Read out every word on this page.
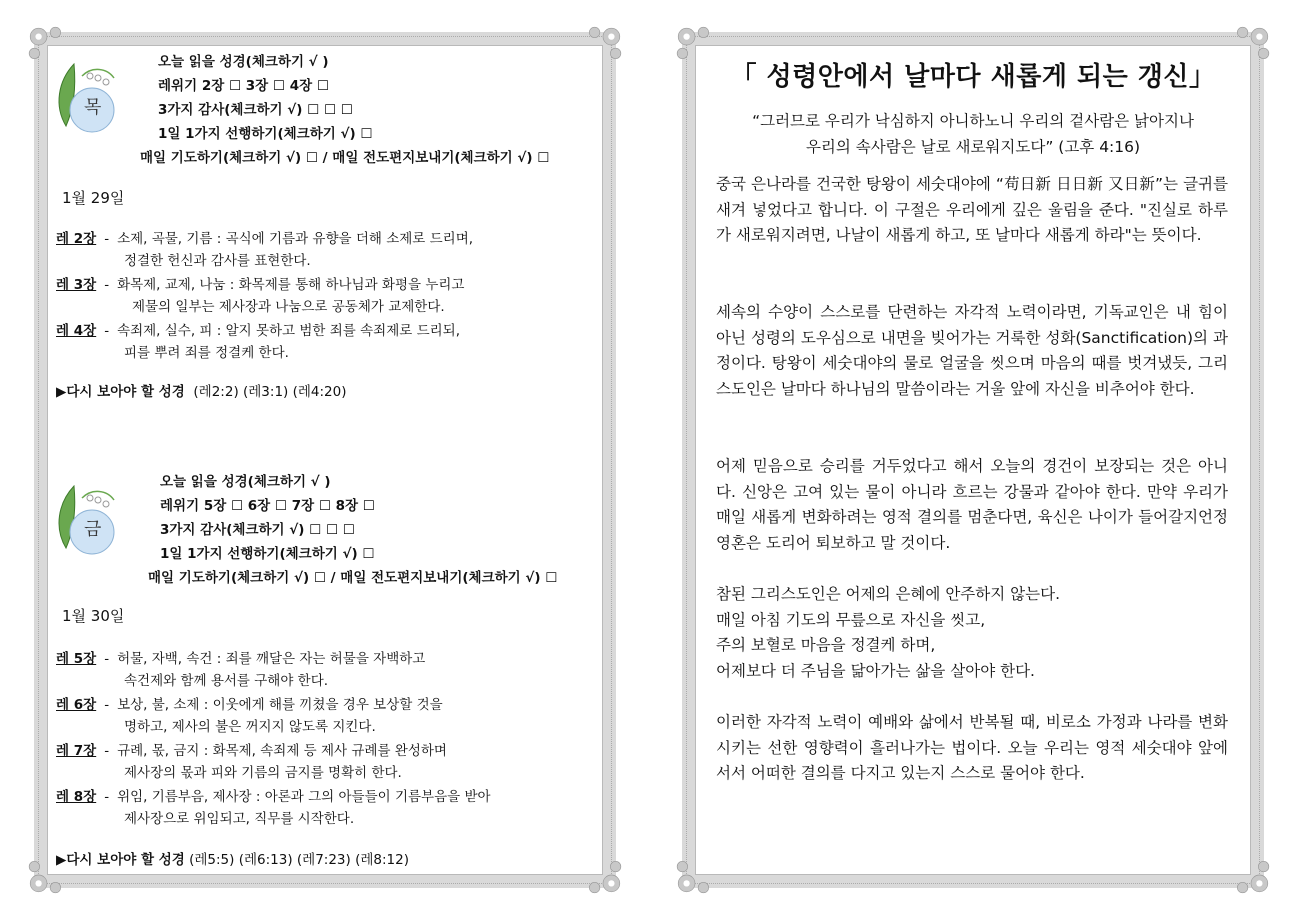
목
오늘 읽을 성경(체크하기 √ )
레위기 2장 ☐ 3장 ☐ 4장 ☐
3가지 감사(체크하기 √) ☐ ☐ ☐
1일 1가지 선행하기(체크하기 √) ☐
매일 기도하기(체크하기 √) ☐ / 매일 전도편지보내기(체크하기 √) ☐
1월 29일
레 2장 - 소제, 곡물, 기름 : 곡식에 기름과 유향을 더해 소제로 드리며,
정결한 헌신과 감사를 표현한다.
레 3장 - 화목제, 교제, 나눔 : 화목제를 통해 하나님과 화평을 누리고
제물의 일부는 제사장과 나눔으로 공동체가 교제한다.
레 4장 - 속죄제, 실수, 피 : 알지 못하고 범한 죄를 속죄제로 드리되,
피를 뿌려 죄를 정결케 한다.
▶다시 보아야 할 성경 (레2:2) (레3:1) (레4:20)
금
오늘 읽을 성경(체크하기 √ )
레위기 5장 ☐ 6장 ☐ 7장 ☐ 8장 ☐
3가지 감사(체크하기 √) ☐ ☐ ☐
1일 1가지 선행하기(체크하기 √) ☐
매일 기도하기(체크하기 √) ☐ / 매일 전도편지보내기(체크하기 √) ☐
1월 30일
레 5장 - 허물, 자백, 속건 : 죄를 깨달은 자는 허물을 자백하고
속건제와 함께 용서를 구해야 한다.
레 6장 - 보상, 불, 소제 : 이웃에게 해를 끼쳤을 경우 보상할 것을
명하고, 제사의 불은 꺼지지 않도록 지킨다.
레 7장 - 규례, 몫, 금지 : 화목제, 속죄제 등 제사 규례를 완성하며
제사장의 몫과 피와 기름의 금지를 명확히 한다.
레 8장 - 위임, 기름부음, 제사장 : 아론과 그의 아들들이 기름부음을 받아
제사장으로 위임되고, 직무를 시작한다.
▶다시 보아야 할 성경 (레5:5) (레6:13) (레7:23) (레8:12)
「 성령안에서 날마다 새롭게 되는 갱신」
“그러므로 우리가 낙심하지 아니하노니 우리의 겉사람은 낡아지나
우리의 속사람은 날로 새로워지도다” (고후 4:16)

중국 은나라를 건국한 탕왕이 세숫대야에 “苟日新 日日新 又日新”는 글귀를 새겨 넣었다고 합니다. 이 구절은 우리에게 깊은 울림을 준다. "진실로 하루가 새로워지려면, 나날이 새롭게 하고, 또 날마다 새롭게 하라"는 뜻이다.

세속의 수양이 스스로를 단련하는 자각적 노력이라면, 기독교인은 내 힘이 아닌 성령의 도우심으로 내면을 빚어가는 거룩한 성화(Sanctification)의 과정이다. 탕왕이 세숫대야의 물로 얼굴을 씻으며 마음의 때를 벗겨냈듯, 그리스도인은 날마다 하나님의 말씀이라는 거울 앞에 자신을 비추어야 한다.

어제 믿음으로 승리를 거두었다고 해서 오늘의 경건이 보장되는 것은 아니다. 신앙은 고여 있는 물이 아니라 흐르는 강물과 같아야 한다. 만약 우리가 매일 새롭게 변화하려는 영적 결의를 멈춘다면, 육신은 나이가 들어갈지언정 영혼은 도리어 퇴보하고 말 것이다.

참된 그리스도인은 어제의 은혜에 안주하지 않는다.
매일 아침 기도의 무릎으로 자신을 씻고,
주의 보혈로 마음을 정결케 하며,
어제보다 더 주님을 닮아가는 삶을 살아야 한다.

이러한 자각적 노력이 예배와 삶에서 반복될 때, 비로소 가정과 나라를 변화시키는 선한 영향력이 흘러나가는 법이다. 오늘 우리는 영적 세숫대야 앞에 서서 어떠한 결의를 다지고 있는지 스스로 물어야 한다.
